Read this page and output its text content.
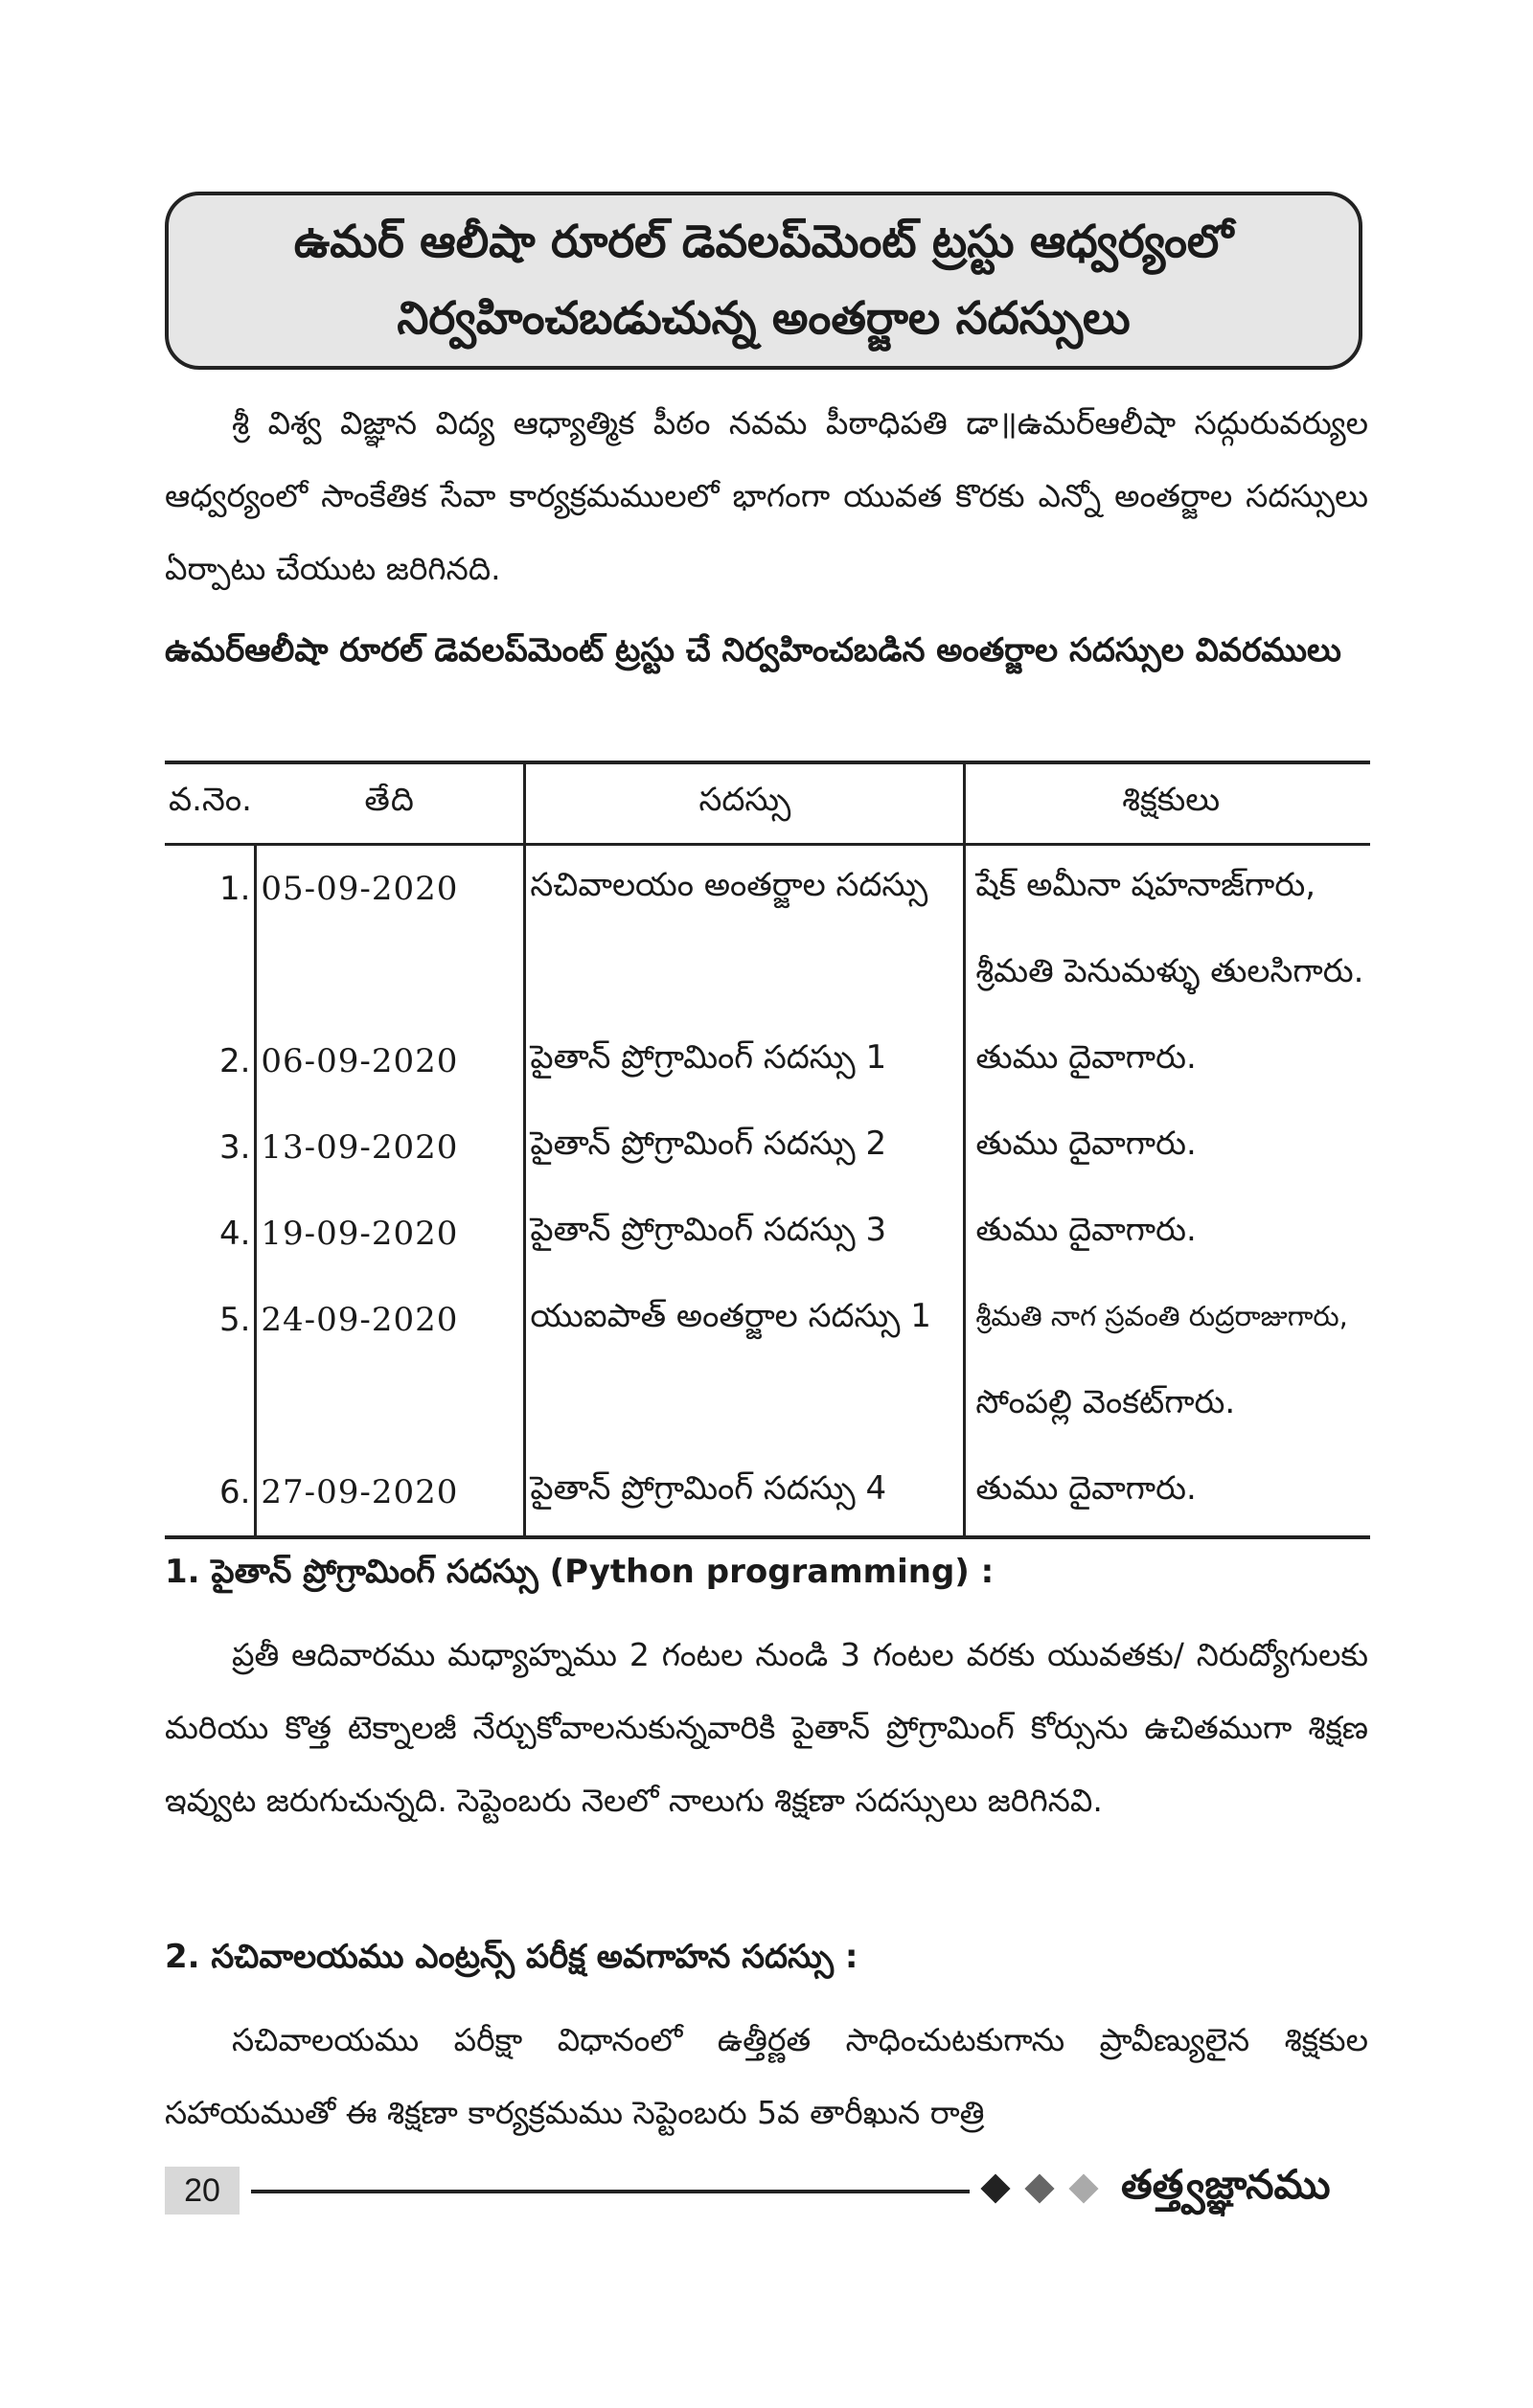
ఉమర్ ఆలీషా రూరల్ డెవలప్‌మెంట్ ట్రస్టు ఆధ్వర్యంలో
నిర్వహించబడుచున్న అంతర్జాల సదస్సులు
శ్రీ విశ్వ విజ్ఞాన విద్య ఆధ్యాత్మిక పీఠం నవమ పీఠాధిపతి డా॥ఉమర్‌ఆలీషా సద్గురువర్యుల ఆధ్వర్యంలో సాంకేతిక సేవా కార్యక్రమములలో భాగంగా యువత కొరకు ఎన్నో అంతర్జాల సదస్సులు ఏర్పాటు చేయుట జరిగినది.
ఉమర్‌ఆలీషా రూరల్ డెవలప్‌మెంట్ ట్రస్టు చే నిర్వహించబడిన అంతర్జాల సదస్సుల వివరములు
వ.నెం.	తేది	సదస్సు	శిక్షకులు
1.	05-09-2020	సచివాలయం అంతర్జాల సదస్సు	షేక్ అమీనా షహనాజ్‌గారు,
			శ్రీమతి పెనుమళ్ళు తులసిగారు.
2.	06-09-2020	పైతాన్ ప్రోగ్రామింగ్ సదస్సు 1	తుము దైవాగారు.
3.	13-09-2020	పైతాన్ ప్రోగ్రామింగ్ సదస్సు 2	తుము దైవాగారు.
4.	19-09-2020	పైతాన్ ప్రోగ్రామింగ్ సదస్సు 3	తుము దైవాగారు.
5.	24-09-2020	యుఐపాత్ అంతర్జాల సదస్సు 1	శ్రీమతి నాగ స్రవంతి రుద్రరాజుగారు,
			సోంపల్లి వెంకట్‌గారు.
6.	27-09-2020	పైతాన్ ప్రోగ్రామింగ్ సదస్సు 4	తుము దైవాగారు.
1. పైతాన్ ప్రోగ్రామింగ్ సదస్సు (Python programming) :
ప్రతీ ఆదివారము మధ్యాహ్నము 2 గంటల నుండి 3 గంటల వరకు యువతకు/ నిరుద్యోగులకు మరియు కొత్త టెక్నాలజీ నేర్చుకోవాలనుకున్నవారికి పైతాన్ ప్రోగ్రామింగ్ కోర్సును ఉచితముగా శిక్షణ ఇవ్వుట జరుగుచున్నది. సెప్టెంబరు నెలలో నాలుగు శిక్షణా సదస్సులు జరిగినవి.
2. సచివాలయము ఎంట్రన్స్ పరీక్ష అవగాహన సదస్సు :
సచివాలయము పరీక్షా విధానంలో ఉత్తీర్ణత సాధించుటకుగాను ప్రావీణ్యులైన శిక్షకుల సహాయముతో ఈ శిక్షణా కార్యక్రమము సెప్టెంబరు 5వ తారీఖున రాత్రి
20	తత్త్వజ్ఞానము
